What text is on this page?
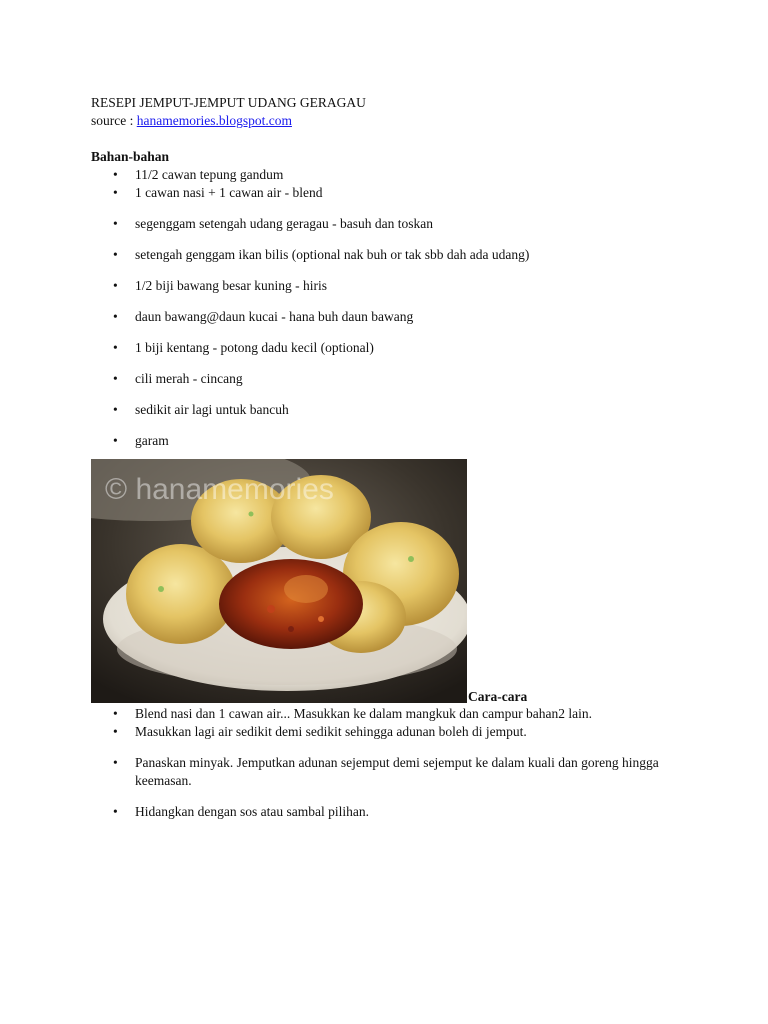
RESEPI JEMPUT-JEMPUT UDANG GERAGAU
source : hanamemories.blogspot.com
Bahan-bahan
• 11/2 cawan tepung gandum
• 1 cawan nasi + 1 cawan air - blend
• segenggam setengah udang geragau - basuh dan toskan
• setengah genggam ikan bilis (optional nak buh or tak sbb dah ada udang)
• 1/2 biji bawang besar kuning - hiris
• daun bawang@daun kucai - hana buh daun bawang
• 1 biji kentang - potong dadu kecil (optional)
• cili merah - cincang
• sedikit air lagi untuk bancuh
• garam
© hanamemories
Cara-cara
• Blend nasi dan 1 cawan air... Masukkan ke dalam mangkuk dan campur bahan2 lain.
• Masukkan lagi air sedikit demi sedikit sehingga adunan boleh di jemput.
• Panaskan minyak. Jemputkan adunan sejemput demi sejemput ke dalam kuali dan goreng hingga keemasan.
• Hidangkan dengan sos atau sambal pilihan.
